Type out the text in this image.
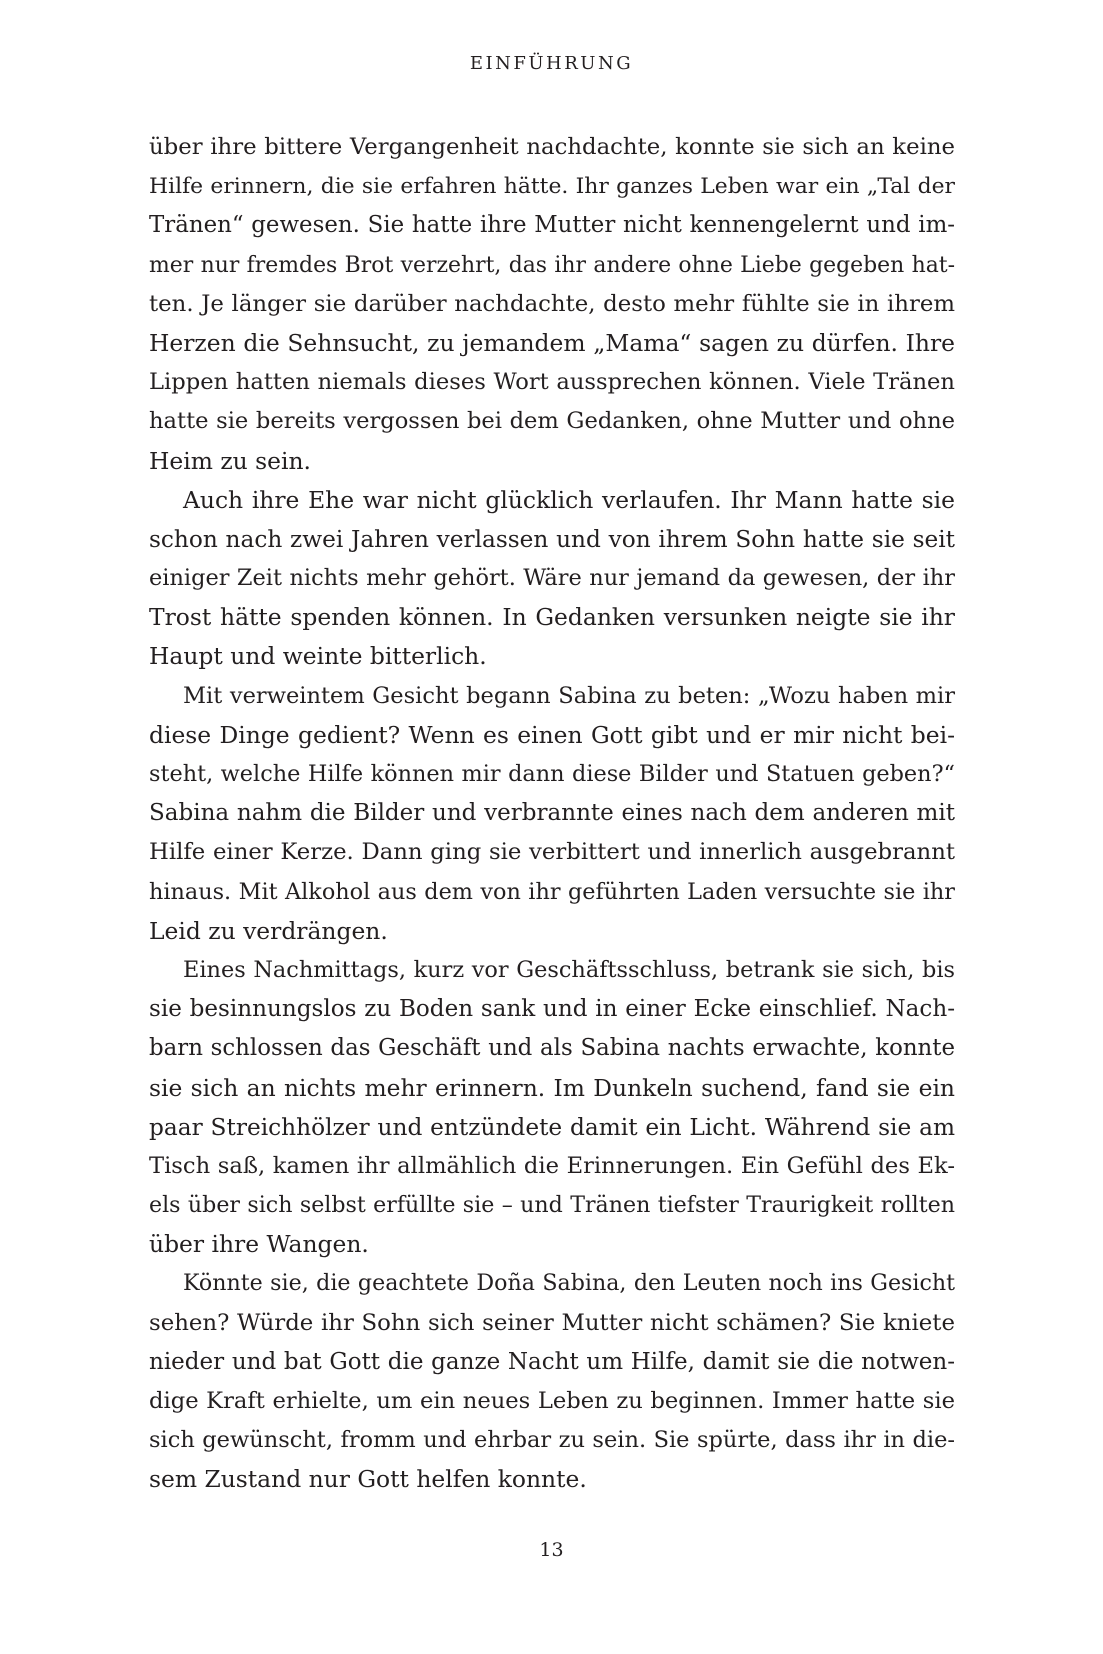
EINFÜHRUNG
über ihre bittere Vergangenheit nachdachte, konnte sie sich an keine
Hilfe erinnern, die sie erfahren hätte. Ihr ganzes Leben war ein „Tal der
Tränen“ gewesen. Sie hatte ihre Mutter nicht kennengelernt und im-
mer nur fremdes Brot verzehrt, das ihr andere ohne Liebe gegeben hat-
ten. Je länger sie darüber nachdachte, desto mehr fühlte sie in ihrem
Herzen die Sehnsucht, zu jemandem „Mama“ sagen zu dürfen. Ihre
Lippen hatten niemals dieses Wort aussprechen können. Viele Tränen
hatte sie bereits vergossen bei dem Gedanken, ohne Mutter und ohne
Heim zu sein.
Auch ihre Ehe war nicht glücklich verlaufen. Ihr Mann hatte sie
schon nach zwei Jahren verlassen und von ihrem Sohn hatte sie seit
einiger Zeit nichts mehr gehört. Wäre nur jemand da gewesen, der ihr
Trost hätte spenden können. In Gedanken versunken neigte sie ihr
Haupt und weinte bitterlich.
Mit verweintem Gesicht begann Sabina zu beten: „Wozu haben mir
diese Dinge gedient? Wenn es einen Gott gibt und er mir nicht bei-
steht, welche Hilfe können mir dann diese Bilder und Statuen geben?“
Sabina nahm die Bilder und verbrannte eines nach dem anderen mit
Hilfe einer Kerze. Dann ging sie verbittert und innerlich ausgebrannt
hinaus. Mit Alkohol aus dem von ihr geführten Laden versuchte sie ihr
Leid zu verdrängen.
Eines Nachmittags, kurz vor Geschäftsschluss, betrank sie sich, bis
sie besinnungslos zu Boden sank und in einer Ecke einschlief. Nach-
barn schlossen das Geschäft und als Sabina nachts erwachte, konnte
sie sich an nichts mehr erinnern. Im Dunkeln suchend, fand sie ein
paar Streichhölzer und entzündete damit ein Licht. Während sie am
Tisch saß, kamen ihr allmählich die Erinnerungen. Ein Gefühl des Ek-
els über sich selbst erfüllte sie – und Tränen tiefster Traurigkeit rollten
über ihre Wangen.
Könnte sie, die geachtete Doña Sabina, den Leuten noch ins Gesicht
sehen? Würde ihr Sohn sich seiner Mutter nicht schämen? Sie kniete
nieder und bat Gott die ganze Nacht um Hilfe, damit sie die notwen-
dige Kraft erhielte, um ein neues Leben zu beginnen. Immer hatte sie
sich gewünscht, fromm und ehrbar zu sein. Sie spürte, dass ihr in die-
sem Zustand nur Gott helfen konnte.
13
